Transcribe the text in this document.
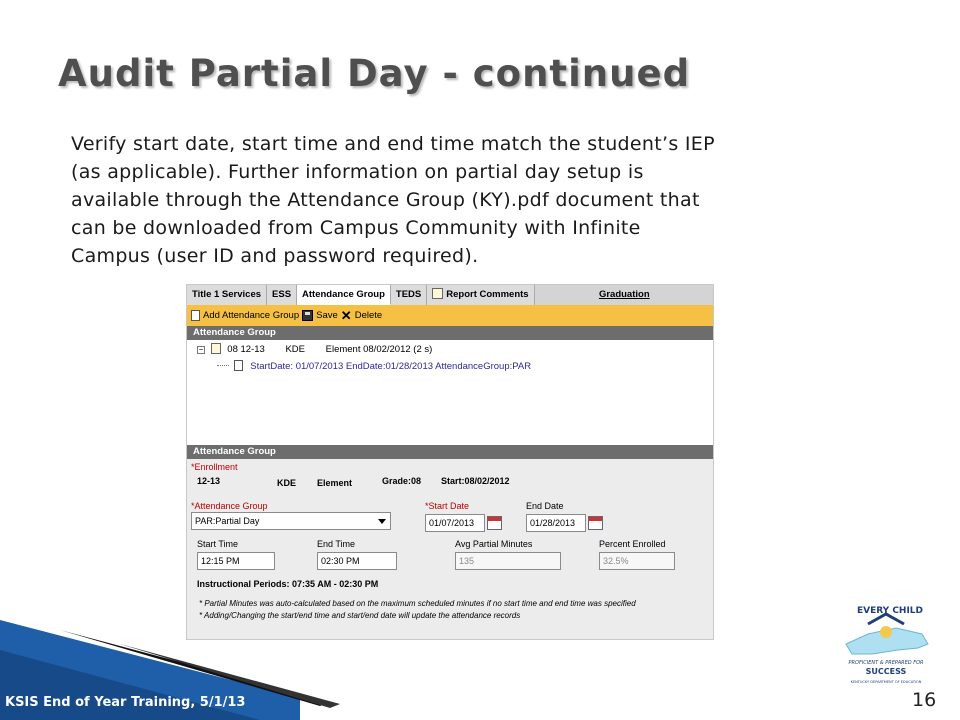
Audit Partial Day - continued
Verify start date, start time and end time match the student’s IEP
(as applicable). Further information on partial day setup is
available through the Attendance Group (KY).pdf document that
can be downloaded from Campus Community with Infinite
Campus (user ID and password required).
Title 1 Services	ESS	Attendance Group	TEDS	Report Comments	Graduation
Add Attendance Group Save ✕ Delete
Attendance Group
−	08 12-13 KDE Element 08/02/2012 (2 s)
StartDate: 01/07/2013 EndDate:01/28/2013 AttendanceGroup:PAR
Attendance Group
*Enrollment
12-13	KDE Element	Grade:08 Start:08/02/2012
*Attendance Group
PAR:Partial Day
*Start Date
01/07/2013
End Date
01/28/2013
Start Time
12:15 PM
End Time
02:30 PM
Avg Partial Minutes
135
Percent Enrolled
32.5%
Instructional Periods: 07:35 AM - 02:30 PM
* Partial Minutes was auto-calculated based on the maximum scheduled minutes if no start time and end time was specified
* Adding/Changing the start/end time and start/end date will update the attendance records
KSIS End of Year Training, 5/1/13	16
EVERY CHILD
PROFICIENT & PREPARED FOR
SUCCESS
KENTUCKY DEPARTMENT OF EDUCATION
